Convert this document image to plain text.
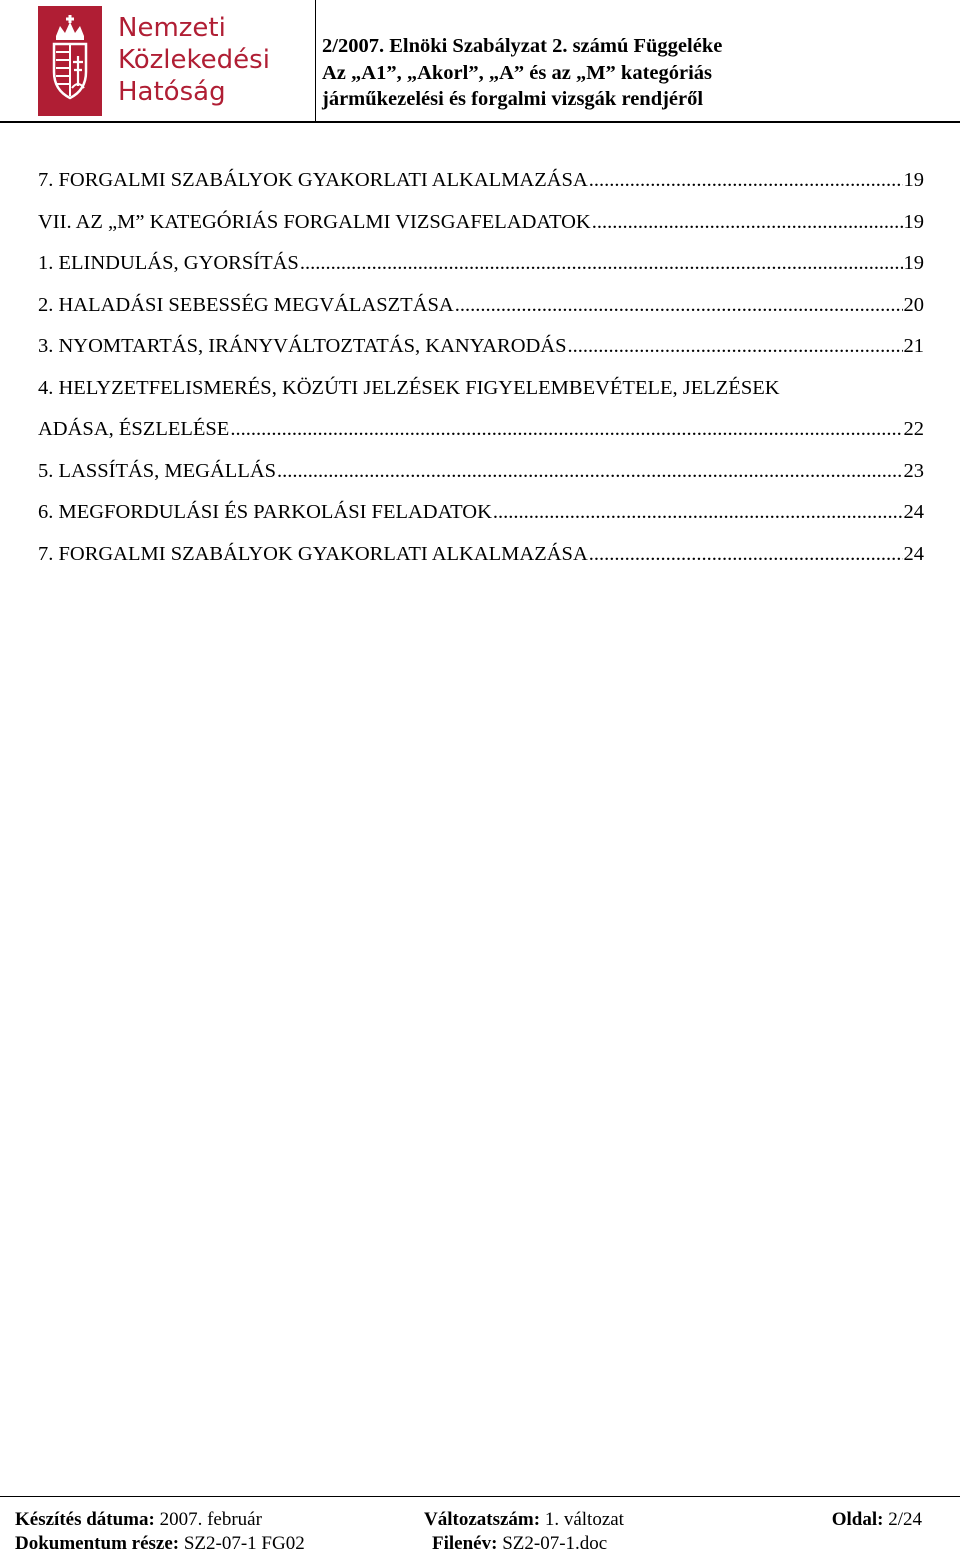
Nemzeti
Közlekedési
Hatóság
2/2007. Elnöki Szabályzat 2. számú Függeléke
Az „A1”, „Akorl”, „A” és az „M” kategóriás
járműkezelési és forgalmi vizsgák rendjéről
7. FORGALMI SZABÁLYOK GYAKORLATI ALKALMAZÁSA .....	19
VII. AZ „M” KATEGÓRIÁS FORGALMI VIZSGAFELADATOK .....	19
1. ELINDULÁS, GYORSÍTÁS .....	19
2. HALADÁSI SEBESSÉG MEGVÁLASZTÁSA .....	20
3. NYOMTARTÁS, IRÁNYVÁLTOZTATÁS, KANYARODÁS .....	21
4. HELYZETFELISMERÉS, KÖZÚTI JELZÉSEK FIGYELEMBEVÉTELE, JELZÉSEK
ADÁSA, ÉSZLELÉSE .....	22
5. LASSÍTÁS, MEGÁLLÁS .....	23
6. MEGFORDULÁSI ÉS PARKOLÁSI FELADATOK .....	24
7. FORGALMI SZABÁLYOK GYAKORLATI ALKALMAZÁSA .....	24
Készítés dátuma: 2007. február	Változatszám: 1. változat	Oldal: 2/24
Dokumentum része: SZ2-07-1 FG02	Filenév: SZ2-07-1.doc
